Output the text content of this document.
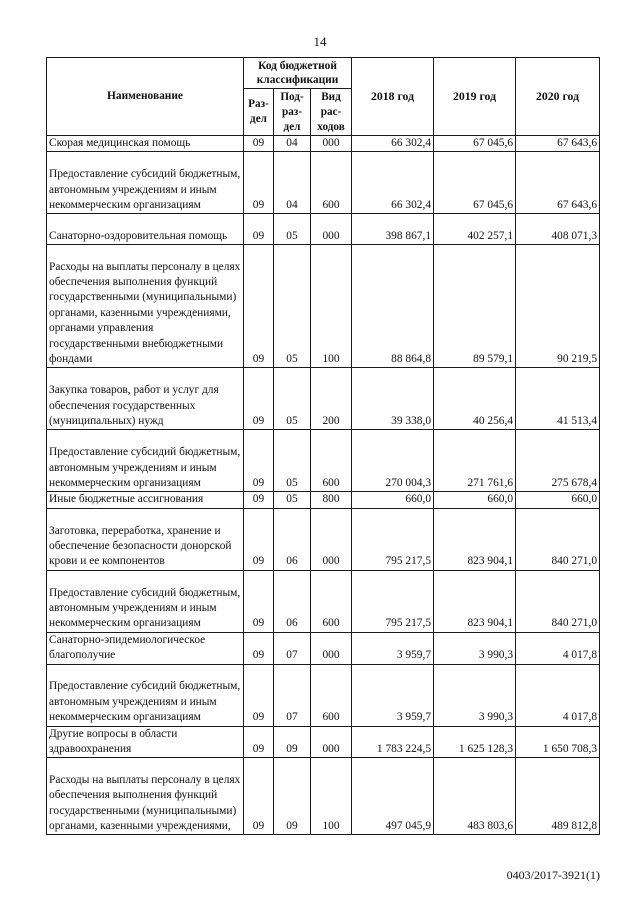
14
Наименование	Код бюджетной классификации			2018 год	2019 год	2020 год
	Раз-дел	Под-раз-дел	Вид рас-ходов			
Скорая медицинская помощь	09	04	000	66 302,4	67 045,6	67 643,6
Предоставление субсидий бюджетным, автономным учреждениям и иным некоммерческим организациям	09	04	600	66 302,4	67 045,6	67 643,6
Санаторно-оздоровительная помощь	09	05	000	398 867,1	402 257,1	408 071,3
Расходы на выплаты персоналу в целях обеспечения выполнения функций государственными (муниципальными) органами, казенными учреждениями, органами управления государственными внебюджетными фондами	09	05	100	88 864,8	89 579,1	90 219,5
Закупка товаров, работ и услуг для обеспечения государственных (муниципальных) нужд	09	05	200	39 338,0	40 256,4	41 513,4
Предоставление субсидий бюджетным, автономным учреждениям и иным некоммерческим организациям	09	05	600	270 004,3	271 761,6	275 678,4
Иные бюджетные ассигнования	09	05	800	660,0	660,0	660,0
Заготовка, переработка, хранение и обеспечение безопасности донорской крови и ее компонентов	09	06	000	795 217,5	823 904,1	840 271,0
Предоставление субсидий бюджетным, автономным учреждениям и иным некоммерческим организациям	09	06	600	795 217,5	823 904,1	840 271,0
Санаторно-эпидемиологическое благополучие	09	07	000	3 959,7	3 990,3	4 017,8
Предоставление субсидий бюджетным, автономным учреждениям и иным некоммерческим организациям	09	07	600	3 959,7	3 990,3	4 017,8
Другие вопросы в области здравоохранения	09	09	000	1 783 224,5	1 625 128,3	1 650 708,3
Расходы на выплаты персоналу в целях обеспечения выполнения функций государственными (муниципальными) органами, казенными учреждениями,	09	09	100	497 045,9	483 803,6	489 812,8
0403/2017-3921(1)
